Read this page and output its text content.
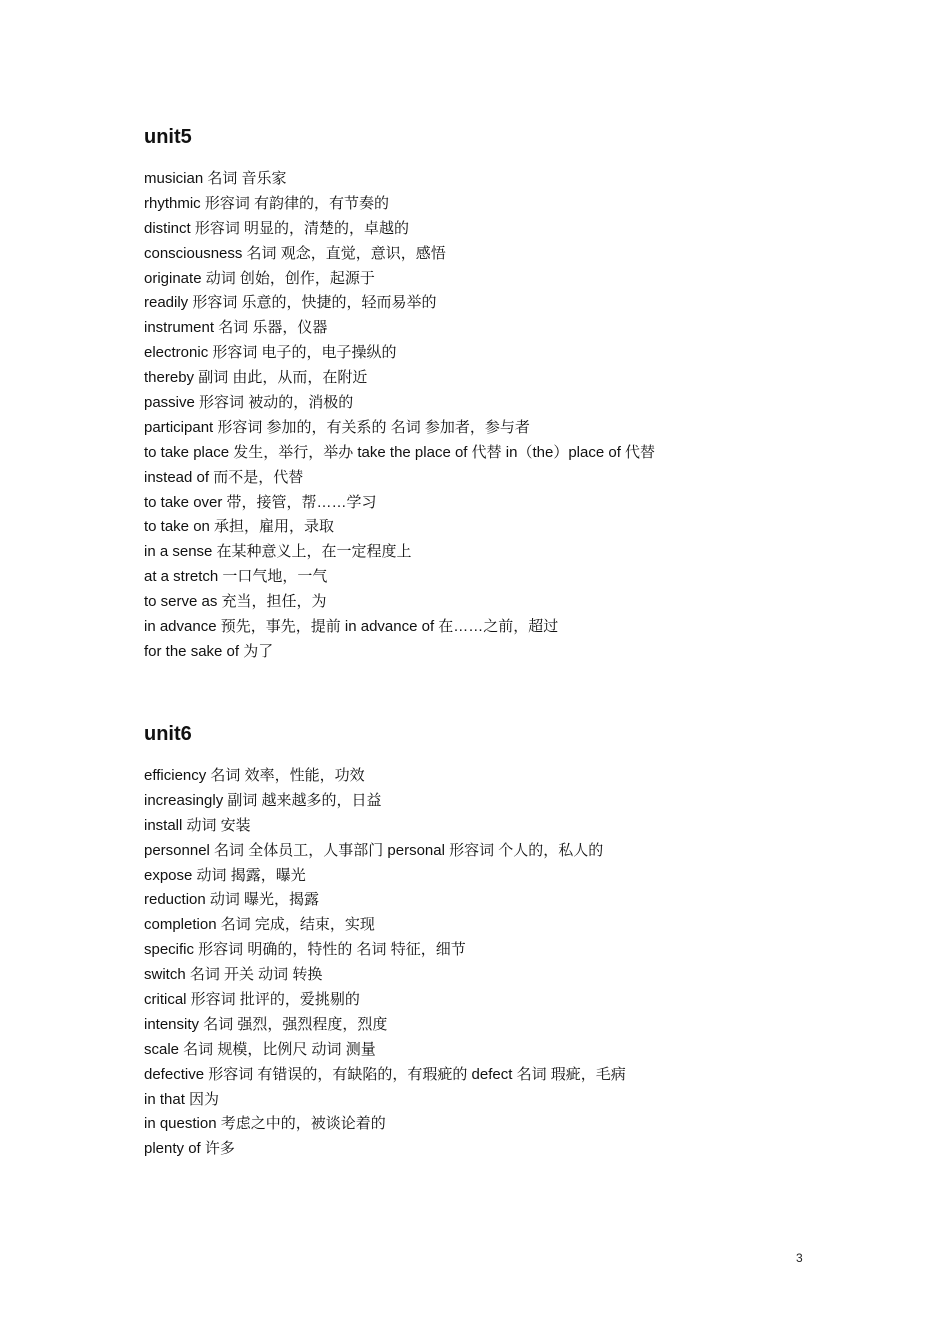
unit5
musician 名词 音乐家
rhythmic 形容词 有韵律的，有节奏的
distinct 形容词 明显的，清楚的，卓越的
consciousness 名词 观念，直觉，意识，感悟
originate 动词 创始，创作，起源于
readily 形容词 乐意的，快捷的，轻而易举的
instrument 名词 乐器，仪器
electronic 形容词 电子的，电子操纵的
thereby 副词 由此，从而，在附近
passive 形容词 被动的，消极的
participant 形容词 参加的，有关系的 名词 参加者，参与者
to take place 发生，举行，举办 take the place of 代替 in（the）place of 代替
instead of 而不是，代替
to take over 带，接管，帮……学习
to take on 承担，雇用，录取
in a sense 在某种意义上，在一定程度上
at a stretch 一口气地，一气
to serve as 充当，担任，为
in advance 预先，事先，提前 in advance of 在……之前，超过
for the sake of 为了
unit6
efficiency 名词 效率，性能，功效
increasingly 副词 越来越多的，日益
install 动词 安装
personnel 名词 全体员工，人事部门 personal 形容词 个人的，私人的
expose 动词 揭露，曝光
reduction 动词 曝光，揭露
completion 名词 完成，结束，实现
specific 形容词 明确的，特性的 名词 特征，细节
switch 名词 开关 动词 转换
critical 形容词 批评的，爱挑剔的
intensity 名词 强烈，强烈程度，烈度
scale 名词 规模，比例尺 动词 测量
defective 形容词 有错误的，有缺陷的，有瑕疵的 defect 名词 瑕疵，毛病
in that 因为
in question 考虑之中的，被谈论着的
plenty of 许多
3
